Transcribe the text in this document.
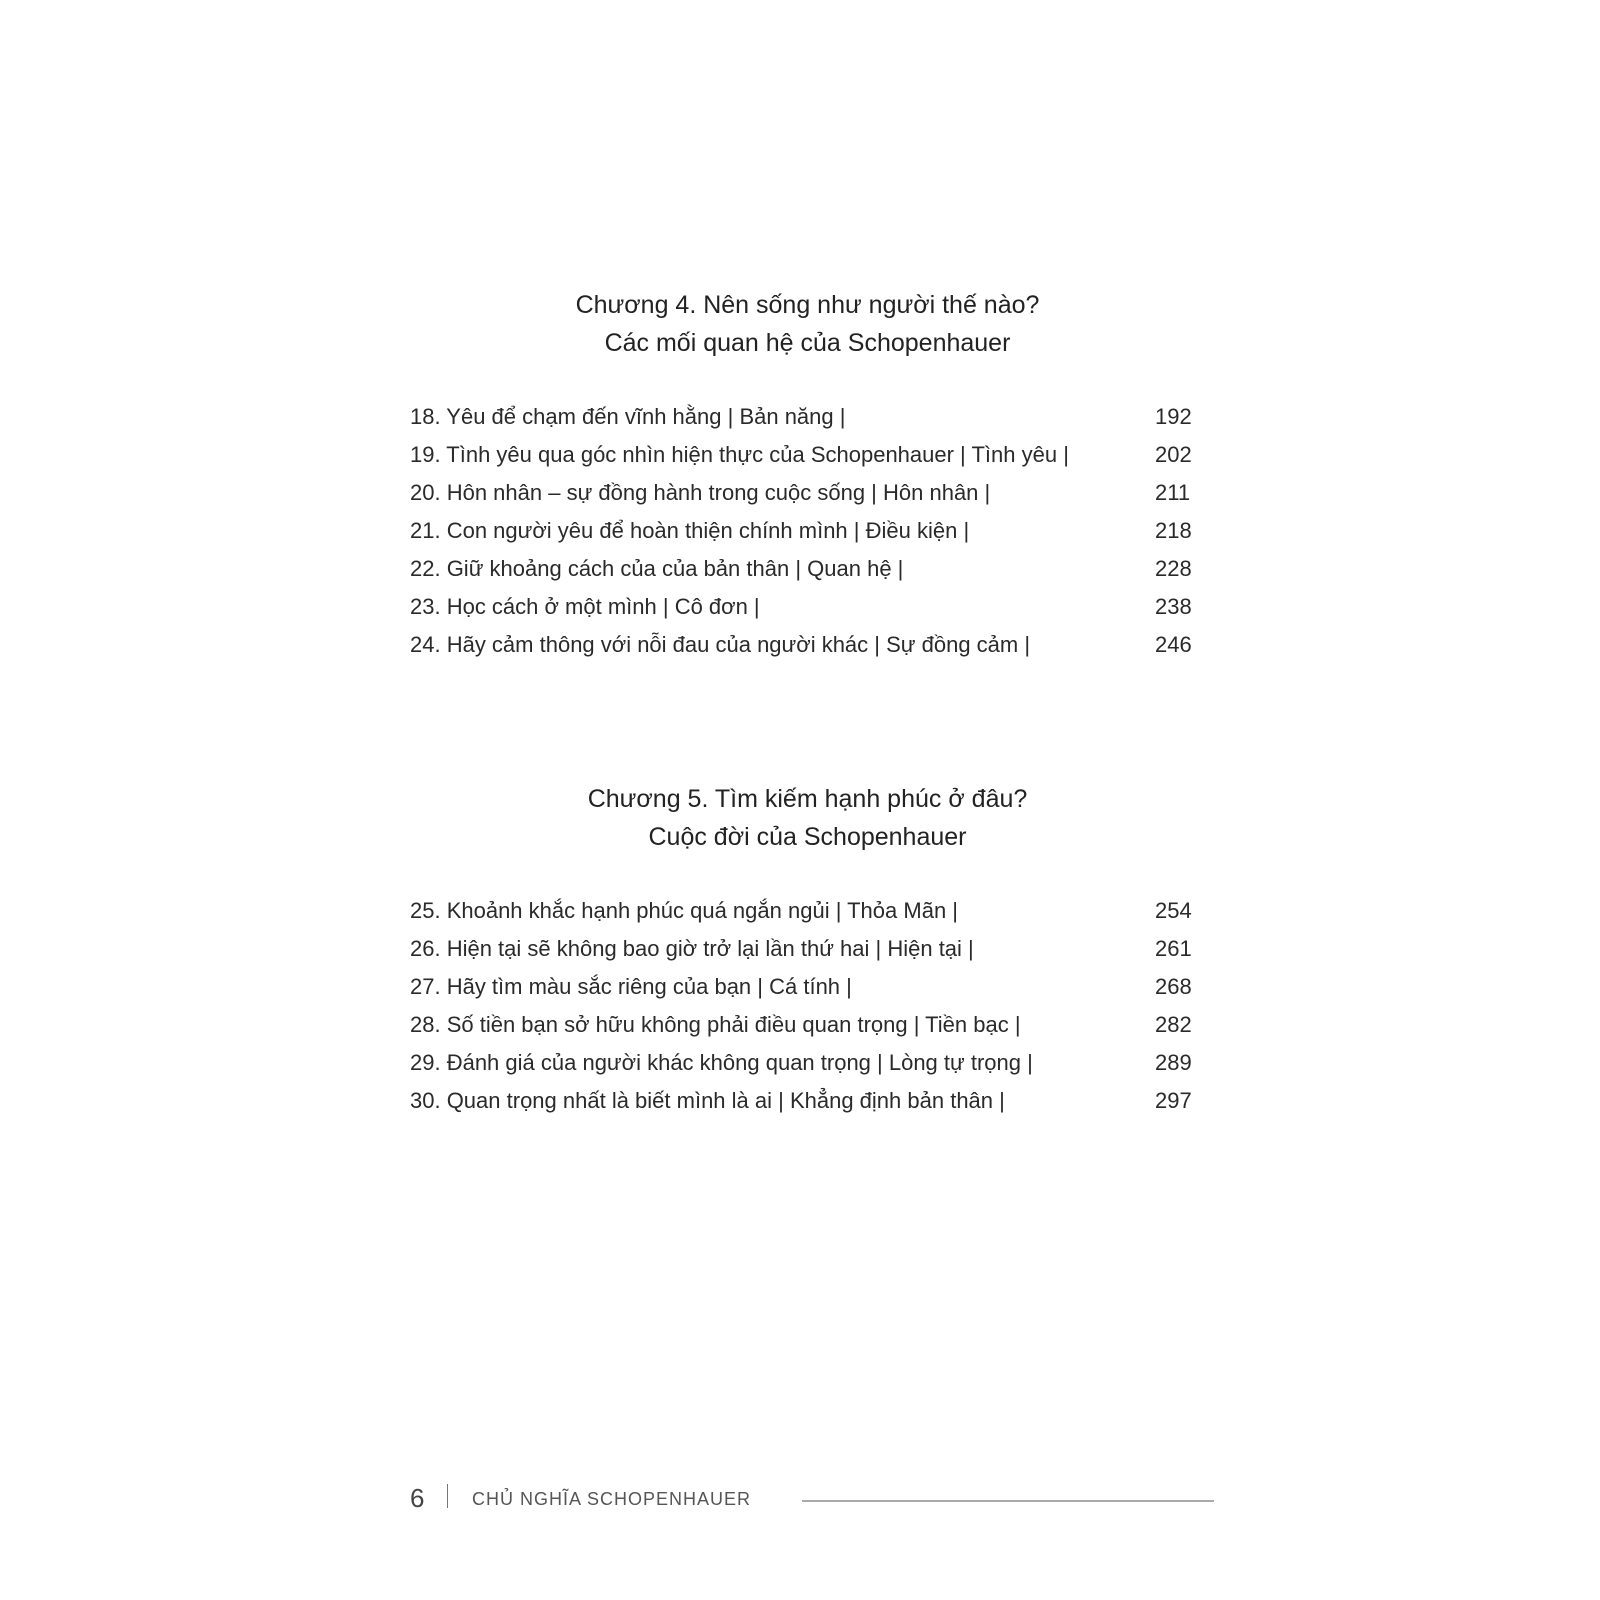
Chương 4. Nên sống như người thế nào?
Các mối quan hệ của Schopenhauer
18. Yêu để chạm đến vĩnh hằng | Bản năng |	192
19. Tình yêu qua góc nhìn hiện thực của Schopenhauer | Tình yêu |	202
20. Hôn nhân – sự đồng hành trong cuộc sống | Hôn nhân |	211
21. Con người yêu để hoàn thiện chính mình | Điều kiện |	218
22. Giữ khoảng cách của của bản thân | Quan hệ |	228
23. Học cách ở một mình | Cô đơn |	238
24. Hãy cảm thông với nỗi đau của người khác | Sự đồng cảm |	246
Chương 5. Tìm kiếm hạnh phúc ở đâu?
Cuộc đời của Schopenhauer
25. Khoảnh khắc hạnh phúc quá ngắn ngủi | Thỏa Mãn |	254
26. Hiện tại sẽ không bao giờ trở lại lần thứ hai | Hiện tại |	261
27. Hãy tìm màu sắc riêng của bạn | Cá tính |	268
28. Số tiền bạn sở hữu không phải điều quan trọng | Tiền bạc |	282
29. Đánh giá của người khác không quan trọng | Lòng tự trọng |	289
30. Quan trọng nhất là biết mình là ai | Khẳng định bản thân |	297
6	CHỦ NGHĨA SCHOPENHAUER
